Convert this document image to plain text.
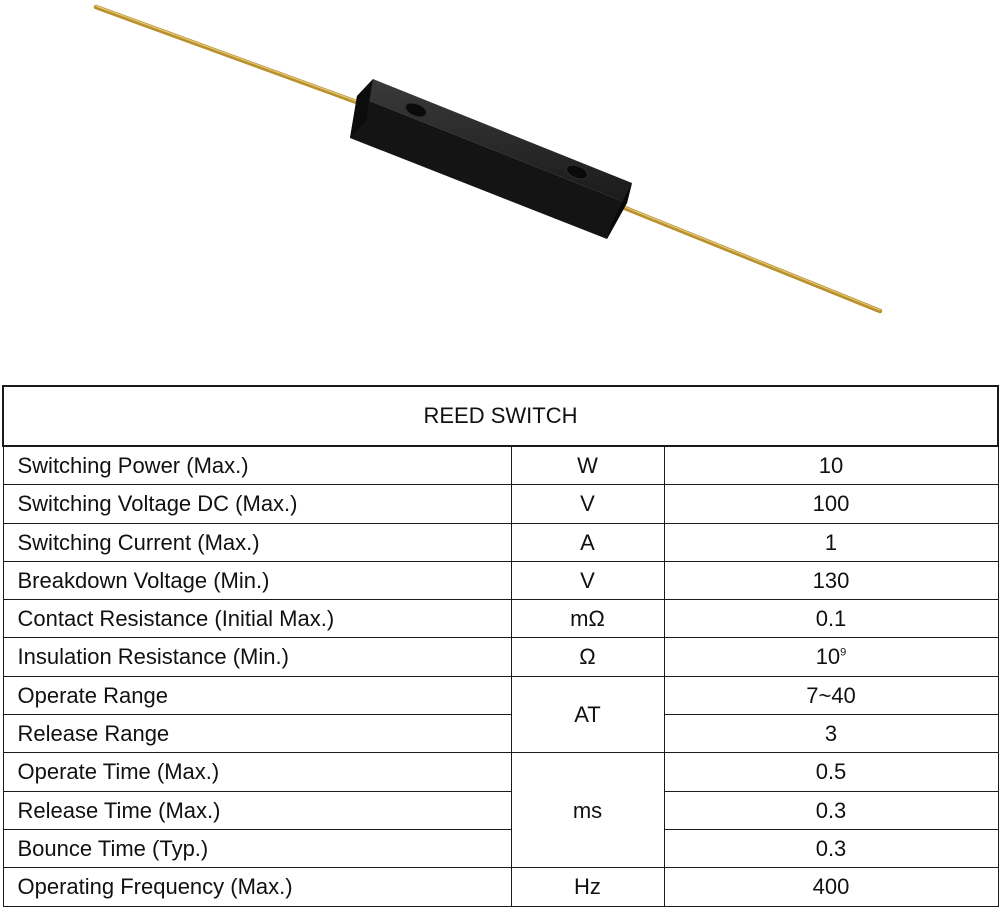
REED SWITCH		
Switching Power (Max.)	W	10
Switching Voltage DC (Max.)	V	100
Switching Current (Max.)	A	1
Breakdown Voltage (Min.)	V	130
Contact Resistance (Initial Max.)	mΩ	0.1
Insulation Resistance (Min.)	Ω	$10^9$
Operate Range	AT	7~40
Release Range		3
Operate Time (Max.)	ms	0.5
Release Time (Max.)		0.3
Bounce Time (Typ.)		0.3
Operating Frequency (Max.)	Hz	400
